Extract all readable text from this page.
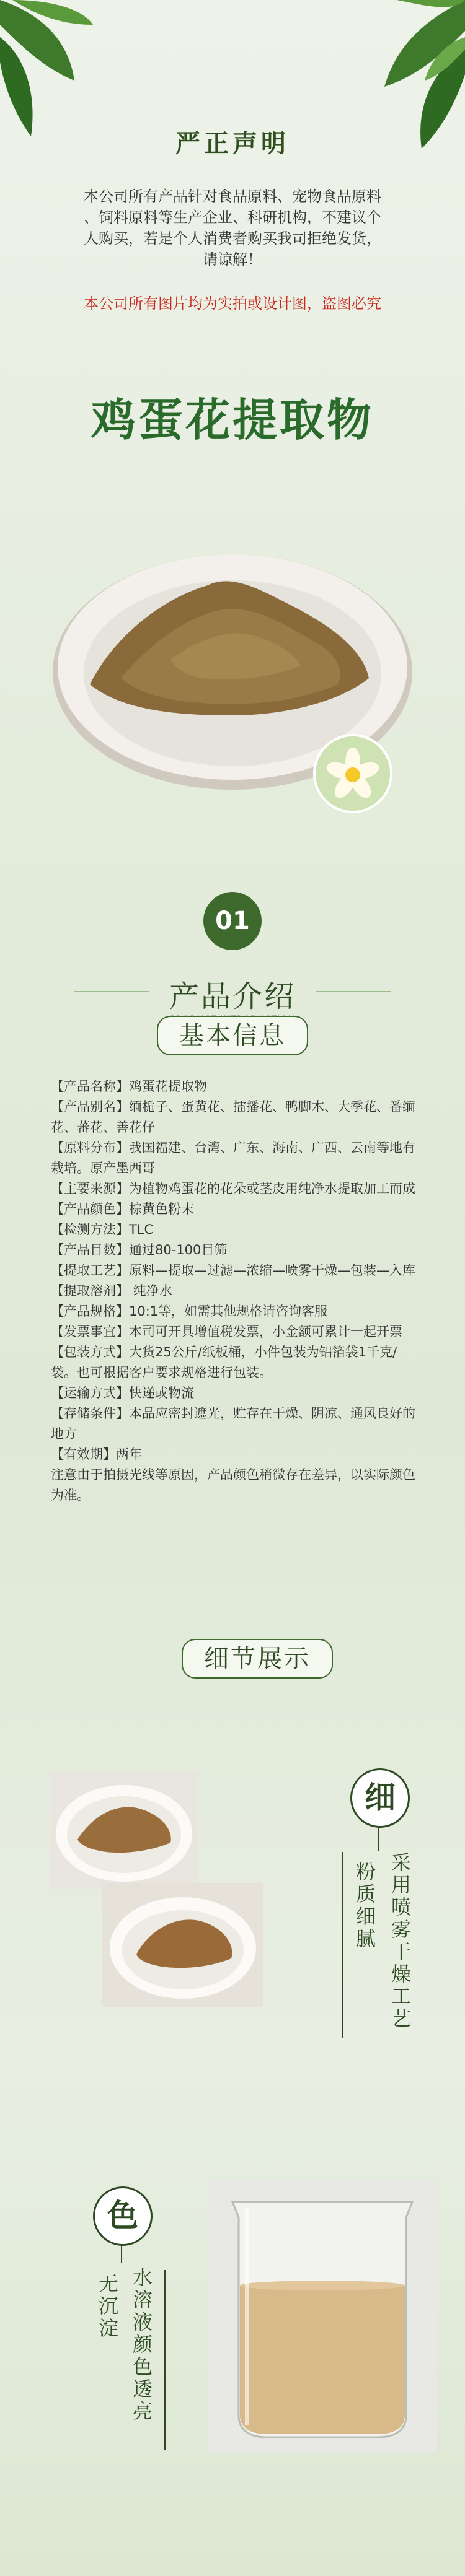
严正声明
本公司所有产品针对食品原料、宠物食品原料
、饲料原料等生产企业、科研机构，不建议个
人购买，若是个人消费者购买我司拒绝发货，
请谅解！
本公司所有图片均为实拍或设计图，盗图必究
鸡蛋花提取物
01
产品介绍
基本信息

【产品名称】鸡蛋花提取物

【产品别名】缅栀子、蛋黄花、擂播花、鸭脚木、大季花、番缅花、蕃花、善花仔

【原料分布】我国福建、台湾、广东、海南、广西、云南等地有栽培。原产墨西哥

【主要来源】为植物鸡蛋花的花朵或茎皮用纯净水提取加工而成

【产品颜色】棕黄色粉末

【检测方法】TLC

【产品目数】通过80-100目筛

【提取工艺】原料—提取—过滤—浓缩—喷雾干燥—包装—入库

【提取溶剂】 纯净水

【产品规格】10:1等，如需其他规格请咨询客服

【发票事宜】本司可开具增值税发票，小金额可累计一起开票

【包装方式】大货25公斤/纸板桶，小件包装为铝箔袋1千克/袋。也可根据客户要求规格进行包装。

【运输方式】快递或物流

【存储条件】本品应密封遮光，贮存在干燥、阴凉、通风良好的地方

【有效期】两年

注意由于拍摄光线等原因，产品颜色稍微存在差异，以实际颜色为准。

细节展示
细
采用喷雾干燥工艺
粉质细腻
色
水溶液颜色透亮
无沉淀
